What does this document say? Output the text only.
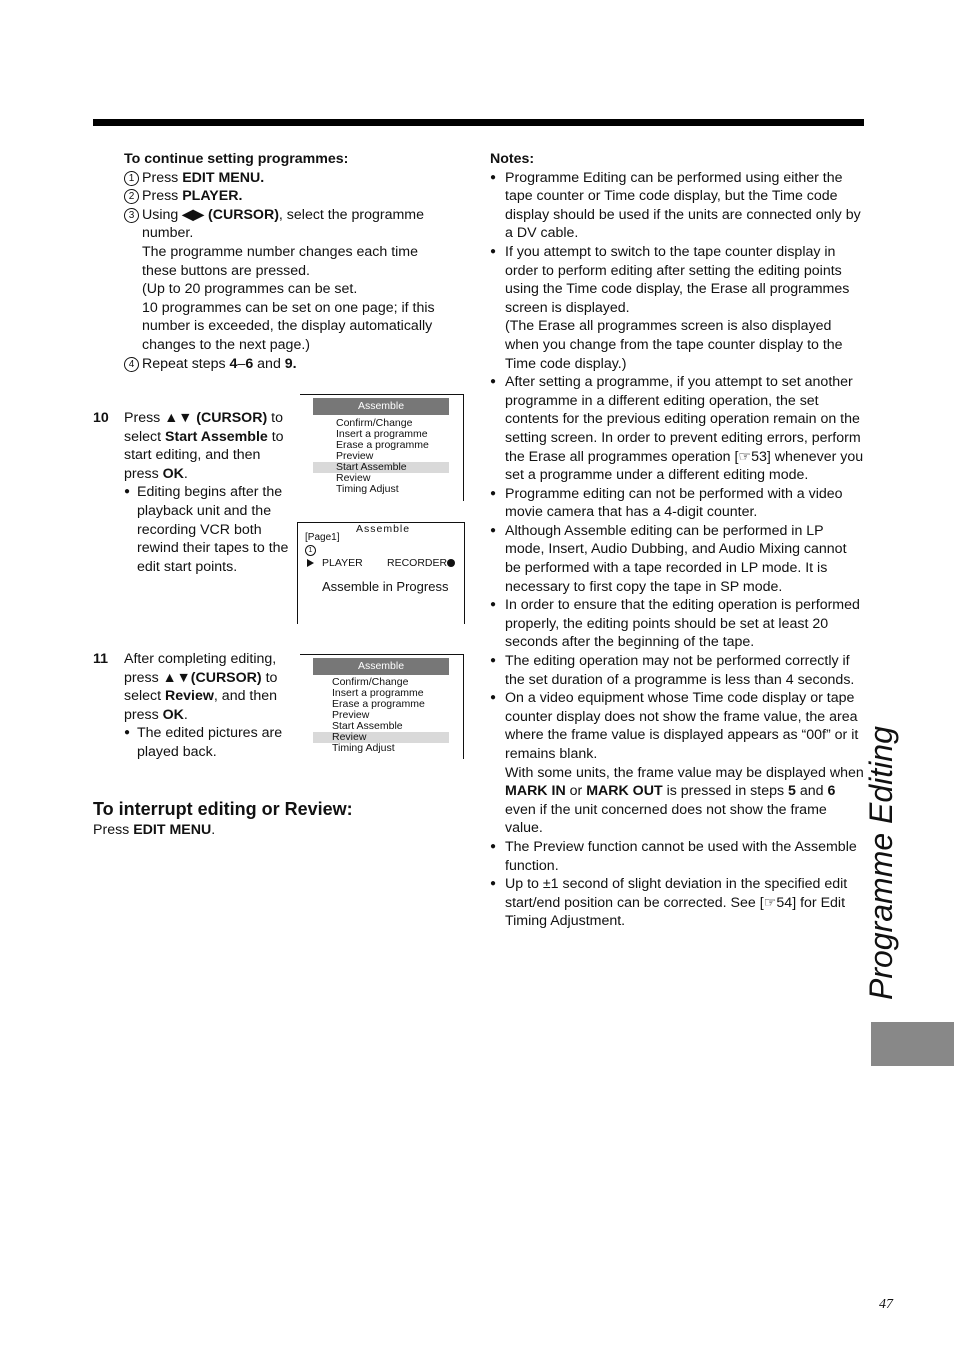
To continue setting programmes:
1 Press EDIT MENU.
2 Press PLAYER.
3 Using ◀▶ (CURSOR), select the programme number.
The programme number changes each time these buttons are pressed.
(Up to 20 programmes can be set.
10 programmes can be set on one page; if this number is exceeded, the display automatically changes to the next page.)
4 Repeat steps 4–6 and 9.
10 Press ▲▼ (CURSOR) to select Start Assemble to start editing, and then press OK.
● Editing begins after the playback unit and the recording VCR both rewind their tapes to the edit start points.
Assemble
Confirm/Change
Insert a programme
Erase a programme
Preview
Start Assemble
Review
Timing Adjust
Assemble
[Page1]
1
PLAYER RECORDER
Assemble in Progress
11 After completing editing, press ▲▼(CURSOR) to select Review, and then press OK.
● The edited pictures are played back.
Assemble
Confirm/Change
Insert a programme
Erase a programme
Preview
Start Assemble
Review
Timing Adjust
To interrupt editing or Review:
Press EDIT MENU.
Notes:
● Programme Editing can be performed using either the tape counter or Time code display, but the Time code display should be used if the units are connected only by a DV cable.
● If you attempt to switch to the tape counter display in order to perform editing after setting the editing points using the Time code display, the Erase all programmes screen is displayed.
(The Erase all programmes screen is also displayed when you change from the tape counter display to the Time code display.)
● After setting a programme, if you attempt to set another programme in a different editing operation, the set contents for the previous editing operation remain on the setting screen. In order to prevent editing errors, perform the Erase all programmes operation [☞53] whenever you set a programme under a different editing mode.
● Programme editing can not be performed with a video movie camera that has a 4-digit counter.
● Although Assemble editing can be performed in LP mode, Insert, Audio Dubbing, and Audio Mixing cannot be performed with a tape recorded in LP mode. It is necessary to first copy the tape in SP mode.
● In order to ensure that the editing operation is performed properly, the editing points should be set at least 20 seconds after the beginning of the tape.
● The editing operation may not be performed correctly if the set duration of a programme is less than 4 seconds.
● On a video equipment whose Time code display or tape counter display does not show the frame value, the area where the frame value is displayed appears as “00f” or it remains blank.
With some units, the frame value may be displayed when MARK IN or MARK OUT is pressed in steps 5 and 6 even if the unit concerned does not show the frame value.
● The Preview function cannot be used with the Assemble function.
● Up to ±1 second of slight deviation in the specified edit start/end position can be corrected. See [☞54] for Edit Timing Adjustment.	Programme Editing
47
